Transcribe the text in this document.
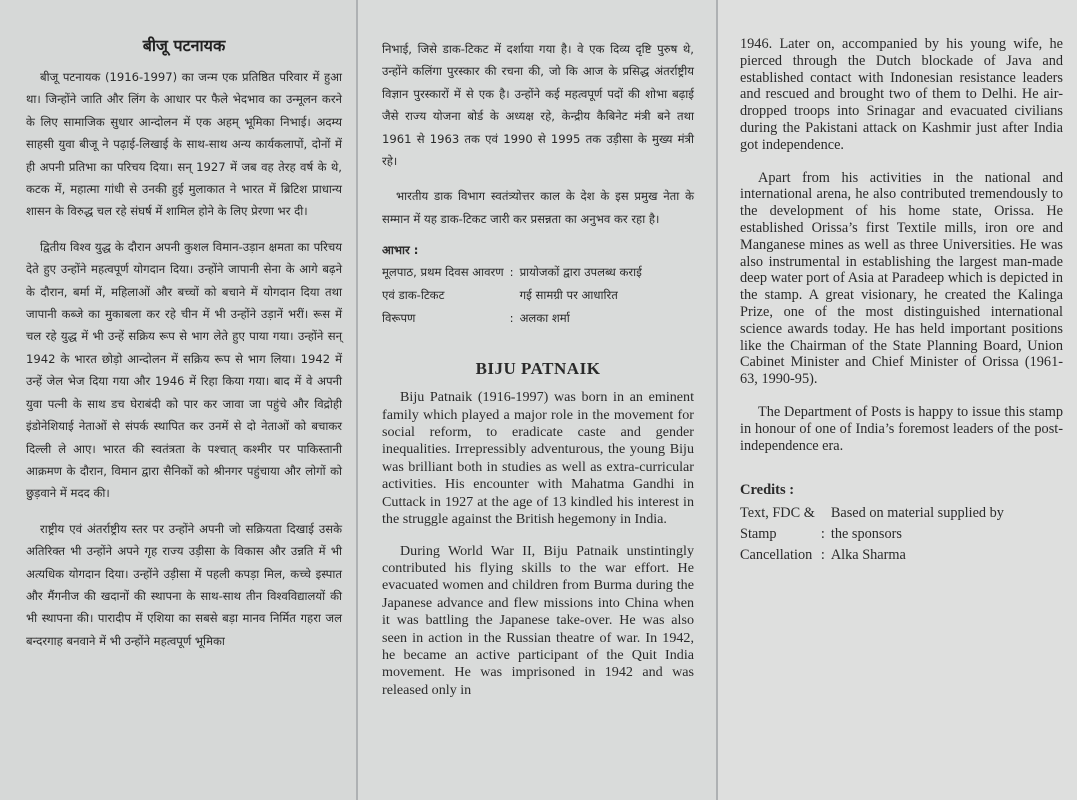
बीजू पटनायक

बीजू पटनायक (1916-1997) का जन्म एक प्रतिष्ठित परिवार में हुआ था। जिन्होंने जाति और लिंग के आधार पर फैले भेदभाव का उन्मूलन करने के लिए सामाजिक सुधार आन्दोलन में एक अहम् भूमिका निभाई। अदम्य साहसी युवा बीजू ने पढ़ाई-लिखाई के साथ-साथ अन्य कार्यकलापों, दोनों में ही अपनी प्रतिभा का परिचय दिया। सन् 1927 में जब वह तेरह वर्ष के थे, कटक में, महात्मा गांधी से उनकी हुई मुलाकात ने भारत में ब्रिटिश प्राधान्य शासन के विरुद्ध चल रहे संघर्ष में शामिल होने के लिए प्रेरणा भर दी।

द्वितीय विश्व युद्ध के दौरान अपनी कुशल विमान-उड़ान क्षमता का परिचय देते हुए उन्होंने महत्वपूर्ण योगदान दिया। उन्होंने जापानी सेना के आगे बढ़ने के दौरान, बर्मा में, महिलाओं और बच्चों को बचाने में योगदान दिया तथा जापानी कब्जे का मुकाबला कर रहे चीन में भी उन्होंने उड़ानें भरीं। रूस में चल रहे युद्ध में भी उन्हें सक्रिय रूप से भाग लेते हुए पाया गया। उन्होंने सन् 1942 के भारत छोड़ो आन्दोलन में सक्रिय रूप से भाग लिया। 1942 में उन्हें जेल भेज दिया गया और 1946 में रिहा किया गया। बाद में वे अपनी युवा पत्नी के साथ डच घेराबंदी को पार कर जावा जा पहुंचे और विद्रोही इंडोनेशियाई नेताओं से संपर्क स्थापित कर उनमें से दो नेताओं को बचाकर दिल्ली ले आए। भारत की स्वतंत्रता के पश्चात् कश्मीर पर पाकिस्तानी आक्रमण के दौरान, विमान द्वारा सैनिकों को श्रीनगर पहुंचाया और लोगों को छुड़वाने में मदद की।

राष्ट्रीय एवं अंतर्राष्ट्रीय स्तर पर उन्होंने अपनी जो सक्रियता दिखाई उसके अतिरिक्त भी उन्होंने अपने गृह राज्य उड़ीसा के विकास और उन्नति में भी अत्यधिक योगदान दिया। उन्होंने उड़ीसा में पहली कपड़ा मिल, कच्चे इस्पात और मैंगनीज की खदानों की स्थापना के साथ-साथ तीन विश्वविद्यालयों की भी स्थापना की। पारादीप में एशिया का सबसे बड़ा मानव निर्मित गहरा जल बन्दरगाह बनवाने में भी उन्होंने महत्वपूर्ण भूमिका

निभाई, जिसे डाक-टिकट में दर्शाया गया है। वे एक दिव्य दृष्टि पुरुष थे, उन्होंने कलिंगा पुरस्कार की रचना की, जो कि आज के प्रसिद्ध अंतर्राष्ट्रीय विज्ञान पुरस्कारों में से एक है। उन्होंने कई महत्वपूर्ण पदों की शोभा बढ़ाई जैसे राज्य योजना बोर्ड के अध्यक्ष रहे, केन्द्रीय कैबिनेट मंत्री बने तथा 1961 से 1963 तक एवं 1990 से 1995 तक उड़ीसा के मुख्य मंत्री रहे।

भारतीय डाक विभाग स्वतंत्र्योत्तर काल के देश के इस प्रमुख नेता के सम्मान में यह डाक-टिकट जारी कर प्रसन्नता का अनुभव कर रहा है।

आभार :
मूलपाठ, प्रथम दिवस आवरण	:	प्रायोजकों द्वारा उपलब्ध कराई
एवं डाक-टिकट		गई सामग्री पर आधारित
विरूपण	:	अलका शर्मा
BIJU PATNAIK

Biju Patnaik (1916-1997) was born in an eminent family which played a major role in the movement for social reform, to eradicate caste and gender inequalities. Irrepressibly adventurous, the young Biju was brilliant both in studies as well as extra-curricular activities. His encounter with Mahatma Gandhi in Cuttack in 1927 at the age of 13 kindled his interest in the struggle against the British hegemony in India.

During World War II, Biju Patnaik unstintingly contributed his flying skills to the war effort. He evacuated women and children from Burma during the Japanese advance and flew missions into China when it was battling the Japanese take-over. He was also seen in action in the Russian theatre of war. In 1942, he became an active participant of the Quit India movement. He was imprisoned in 1942 and was released only in

1946. Later on, accompanied by his young wife, he pierced through the Dutch blockade of Java and established contact with Indonesian resistance leaders and rescued and brought two of them to Delhi. He air-dropped troops into Srinagar and evacuated civilians during the Pakistani attack on Kashmir just after India got independence.

Apart from his activities in the national and international arena, he also contributed tremendously to the development of his home state, Orissa. He established Orissa’s first Textile mills, iron ore and Manganese mines as well as three Universities. He was also instrumental in establishing the largest man-made deep water port of Asia at Paradeep which is depicted in the stamp. A great visionary, he created the Kalinga Prize, one of the most distinguished international science awards today. He has held important positions like the Chairman of the State Planning Board, Union Cabinet Minister and Chief Minister of Orissa (1961-63, 1990-95).

The Department of Posts is happy to issue this stamp in honour of one of India’s foremost leaders of the post-independence era.

Credits :
Text, FDC &		Based on material supplied by
Stamp	:	the sponsors
Cancellation	:	Alka Sharma
